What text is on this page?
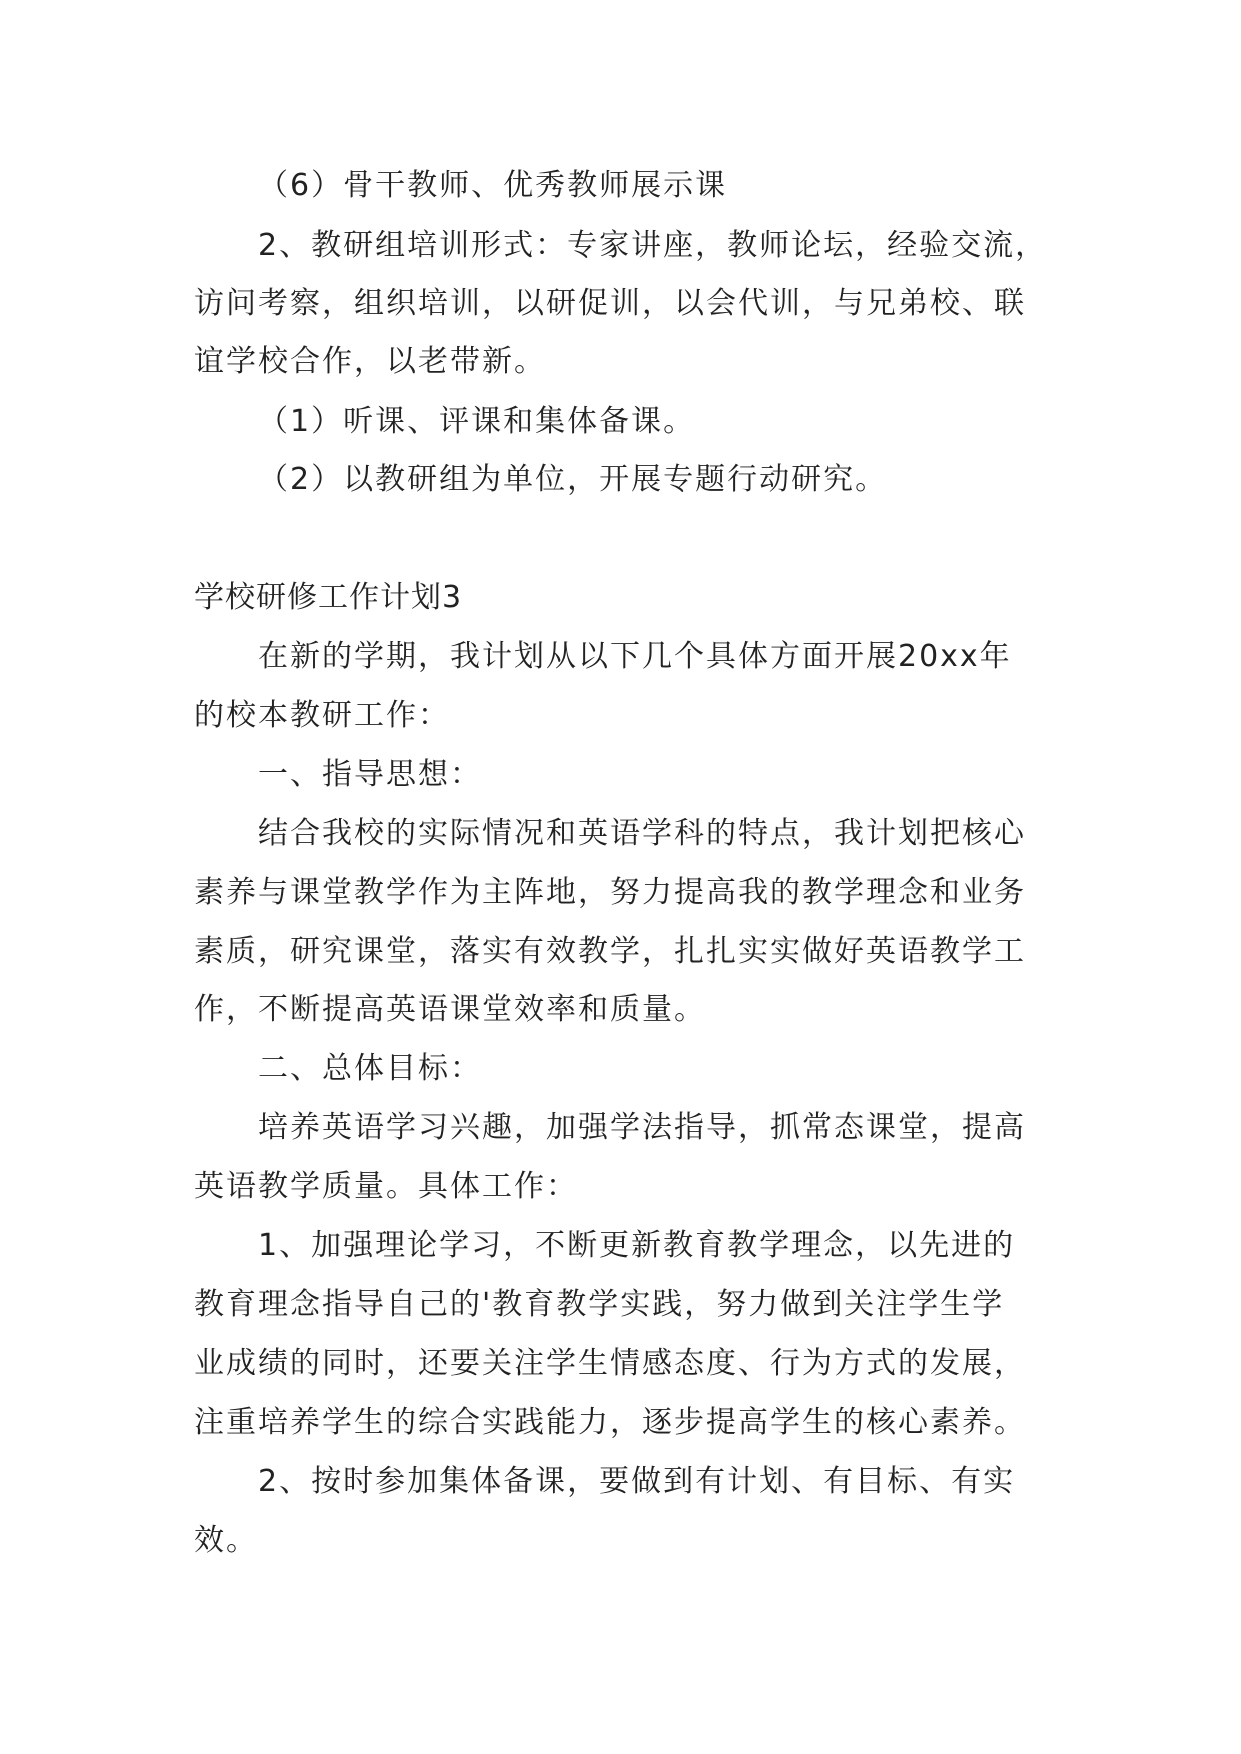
（6）骨干教师、优秀教师展示课
2、教研组培训形式：专家讲座，教师论坛，经验交流，
访问考察，组织培训，以研促训，以会代训，与兄弟校、联
谊学校合作，以老带新。
（1）听课、评课和集体备课。
（2）以教研组为单位，开展专题行动研究。
学校研修工作计划3
在新的学期，我计划从以下几个具体方面开展20xx年
的校本教研工作：
一、指导思想：
结合我校的实际情况和英语学科的特点，我计划把核心
素养与课堂教学作为主阵地，努力提高我的教学理念和业务
素质，研究课堂，落实有效教学，扎扎实实做好英语教学工
作，不断提高英语课堂效率和质量。
二、总体目标：
培养英语学习兴趣，加强学法指导，抓常态课堂，提高
英语教学质量。具体工作：
1、加强理论学习，不断更新教育教学理念，以先进的
教育理念指导自己的'教育教学实践，努力做到关注学生学
业成绩的同时，还要关注学生情感态度、行为方式的发展，
注重培养学生的综合实践能力，逐步提高学生的核心素养。
2、按时参加集体备课，要做到有计划、有目标、有实
效。
